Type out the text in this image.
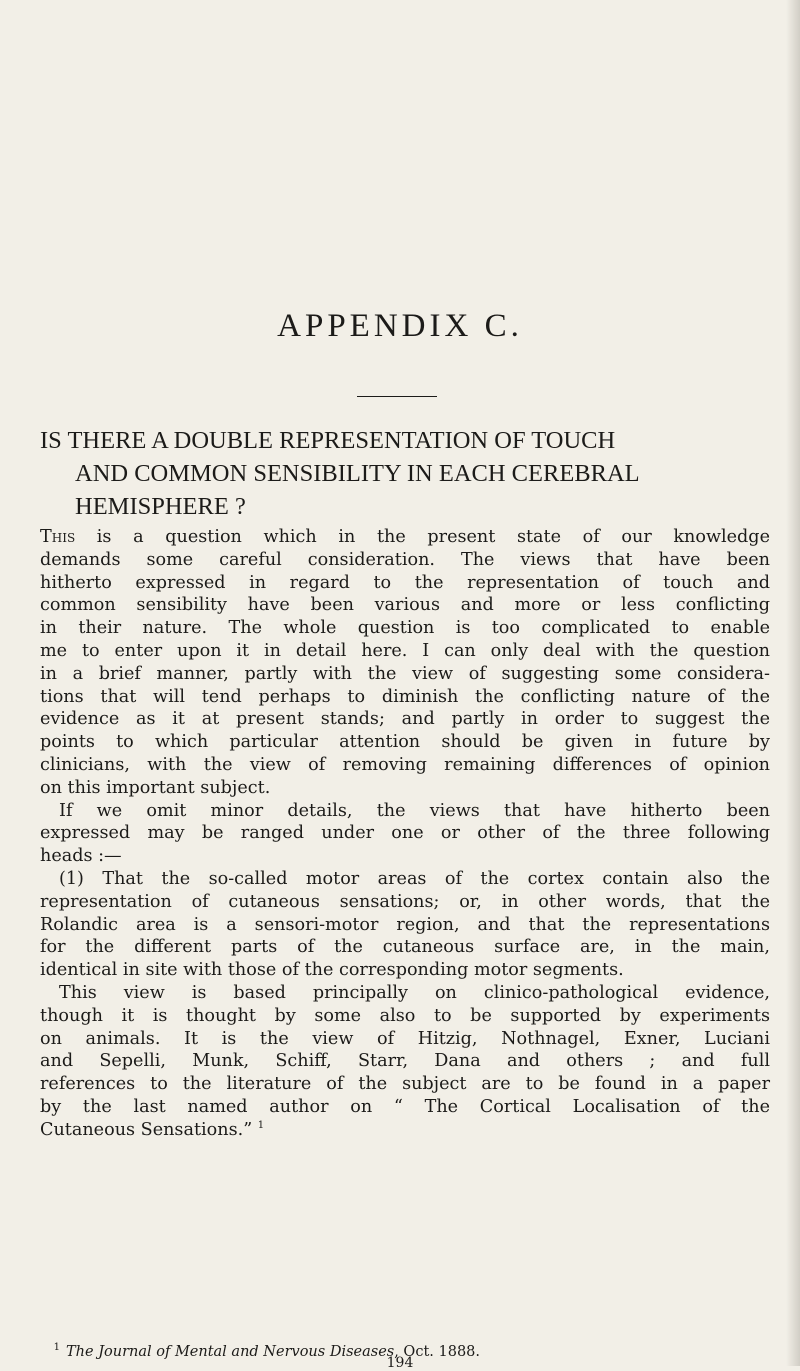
APPENDIX C.
IS THERE A DOUBLE REPRESENTATION OF TOUCH
AND COMMON SENSIBILITY IN EACH CEREBRAL
HEMISPHERE ?
This is a question which in the present state of our knowledge
demands some careful consideration. The views that have been
hitherto expressed in regard to the representation of touch and
common sensibility have been various and more or less conflicting
in their nature. The whole question is too complicated to enable
me to enter upon it in detail here. I can only deal with the question
in a brief manner, partly with the view of suggesting some considera-
tions that will tend perhaps to diminish the conflicting nature of the
evidence as it at present stands; and partly in order to suggest the
points to which particular attention should be given in future by
clinicians, with the view of removing remaining differences of opinion
on this important subject.
If we omit minor details, the views that have hitherto been
expressed may be ranged under one or other of the three following
heads :—
(1) That the so-called motor areas of the cortex contain also the
representation of cutaneous sensations; or, in other words, that the
Rolandic area is a sensori-motor region, and that the representations
for the different parts of the cutaneous surface are, in the main,
identical in site with those of the corresponding motor segments.
This view is based principally on clinico-pathological evidence,
though it is thought by some also to be supported by experiments
on animals. It is the view of Hitzig, Nothnagel, Exner, Luciani
and Sepelli, Munk, Schiff, Starr, Dana and others ; and full
references to the literature of the subject are to be found in a paper
by the last named author on “ The Cortical Localisation of the
Cutaneous Sensations.” $^1$
1 The Journal of Mental and Nervous Diseases, Oct. 1888.
194
